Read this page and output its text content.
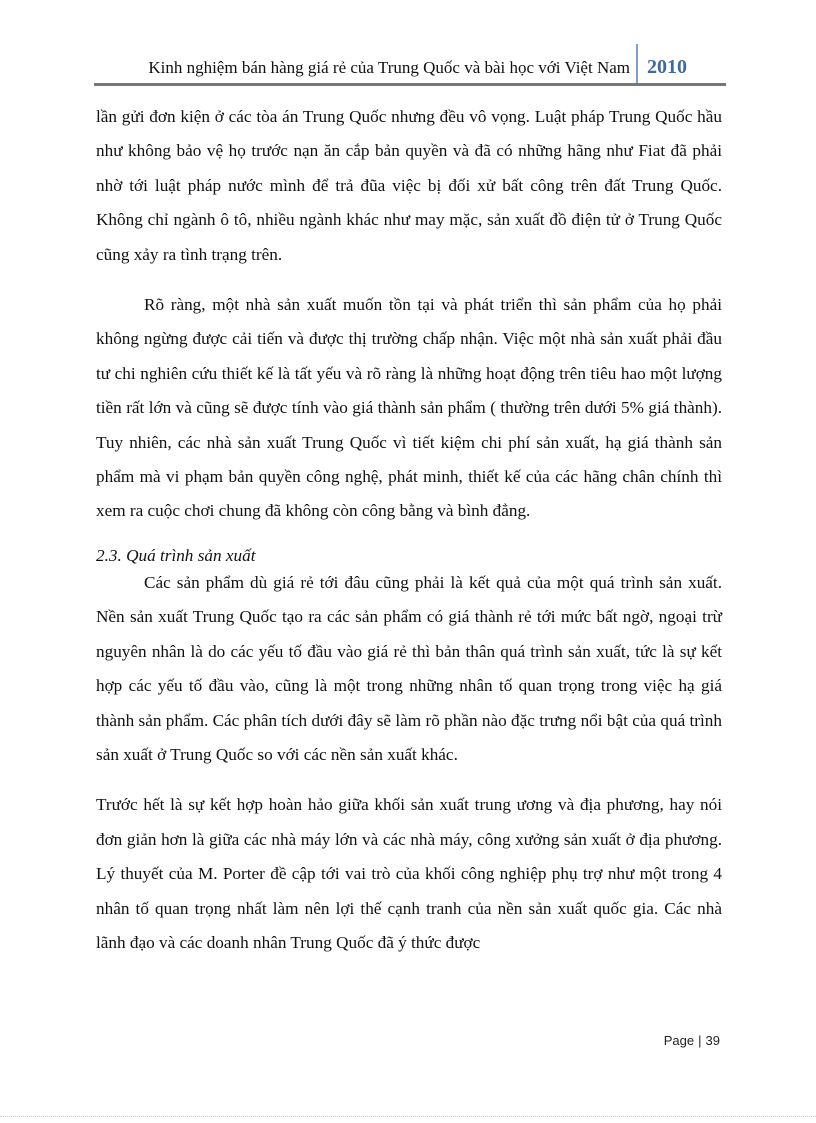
Kinh nghiệm bán hàng giá rẻ của Trung Quốc và bài học với Việt Nam 2010

lần gửi đơn kiện ở các tòa án Trung Quốc nhưng đều vô vọng. Luật pháp Trung Quốc hầu như không bảo vệ họ trước nạn ăn cắp bản quyền và đã có những hãng như Fiat đã phải nhờ tới luật pháp nước mình để trả đũa việc bị đối xử bất công trên đất Trung Quốc. Không chỉ ngành ô tô, nhiều ngành khác như may mặc, sản xuất đồ điện tử ở Trung Quốc cũng xảy ra tình trạng trên.

Rõ ràng, một nhà sản xuất muốn tồn tại và phát triển thì sản phẩm của họ phải không ngừng được cải tiến và được thị trường chấp nhận. Việc một nhà sản xuất phải đầu tư chi nghiên cứu thiết kế là tất yếu và rõ ràng là những hoạt động trên tiêu hao một lượng tiền rất lớn và cũng sẽ được tính vào giá thành sản phẩm ( thường trên dưới 5% giá thành). Tuy nhiên, các nhà sản xuất Trung Quốc vì tiết kiệm chi phí sản xuất, hạ giá thành sản phẩm mà vi phạm bản quyền công nghệ, phát minh, thiết kế của các hãng chân chính thì xem ra cuộc chơi chung đã không còn công bằng và bình đẳng.

2.3. Quá trình sản xuất

Các sản phẩm dù giá rẻ tới đâu cũng phải là kết quả của một quá trình sản xuất. Nền sản xuất Trung Quốc tạo ra các sản phẩm có giá thành rẻ tới mức bất ngờ, ngoại trừ nguyên nhân là do các yếu tố đầu vào giá rẻ thì bản thân quá trình sản xuất, tức là sự kết hợp các yếu tố đầu vào, cũng là một trong những nhân tố quan trọng trong việc hạ giá thành sản phẩm. Các phân tích dưới đây sẽ làm rõ phần nào đặc trưng nổi bật của quá trình sản xuất ở Trung Quốc so với các nền sản xuất khác.

Trước hết là sự kết hợp hoàn hảo giữa khối sản xuất trung ương và địa phương, hay nói đơn giản hơn là giữa các nhà máy lớn và các nhà máy, công xưởng sản xuất ở địa phương. Lý thuyết của M. Porter đề cập tới vai trò của khối công nghiệp phụ trợ như một trong 4 nhân tố quan trọng nhất làm nên lợi thế cạnh tranh của nền sản xuất quốc gia. Các nhà lãnh đạo và các doanh nhân Trung Quốc đã ý thức được

Page | 39
